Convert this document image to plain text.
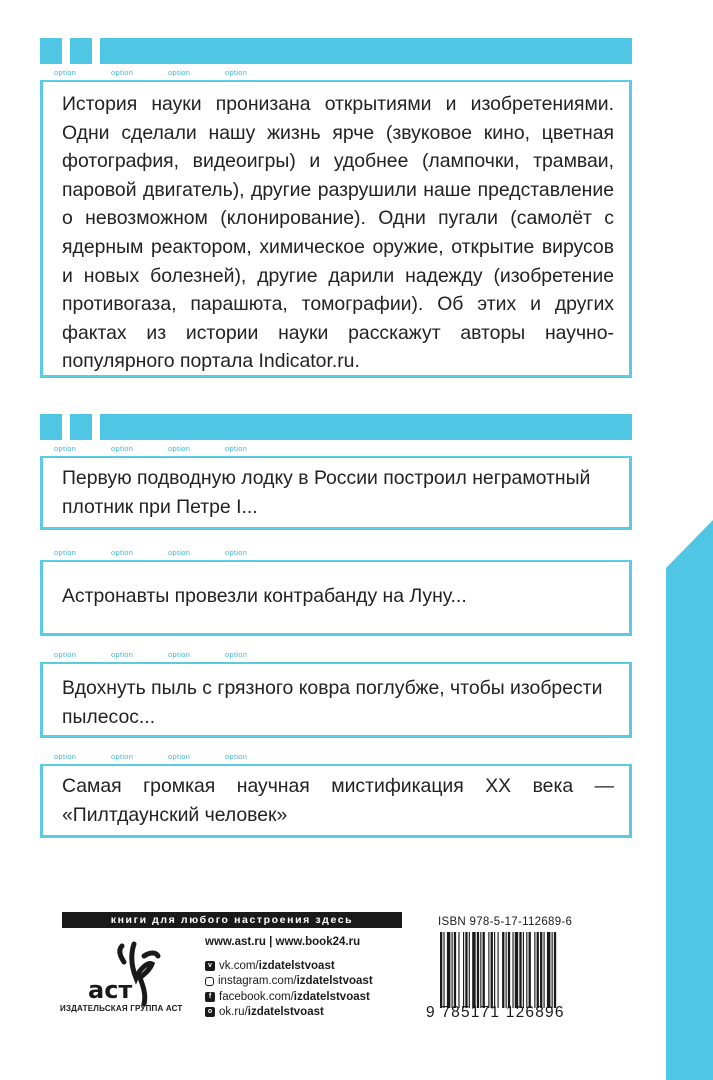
option	option	option	option
История науки пронизана открытиями и изобретениями. Одни сделали нашу жизнь ярче (звуковое кино, цветная фотография, видеоигры) и удобнее (лампочки, трамваи, паровой двигатель), другие разрушили наше представление о невозможном (клонирование). Одни пугали (самолёт с ядерным реактором, химическое оружие, открытие вирусов и новых болезней), другие дарили надежду (изобретение противогаза, парашюта, томографии). Об этих и других фактах из истории науки расскажут авторы научно-популярного портала Indicator.ru.
option	option	option	option
Первую подводную лодку в России построил неграмотный плотник при Петре I...
option	option	option	option
Астронавты провезли контрабанду на Луну...
option	option	option	option
Вдохнуть пыль с грязного ковра поглубже, чтобы изобрести пылесос...
option	option	option	option
Самая громкая научная мистификация XX века — «Пилтдаунский человек»
книги для любого настроения здесь
аст
ИЗДАТЕЛЬСКАЯ ГРУППА АСТ
www.ast.ru | www.book24.ru
v vk.com/ izdatelstvoast
instagram.com/ izdatelstvoast
f facebook.com/ izdatelstvoast
o ok.ru/ izdatelstvoast
ISBN 978-5-17-112689-6
9 785171 126896
